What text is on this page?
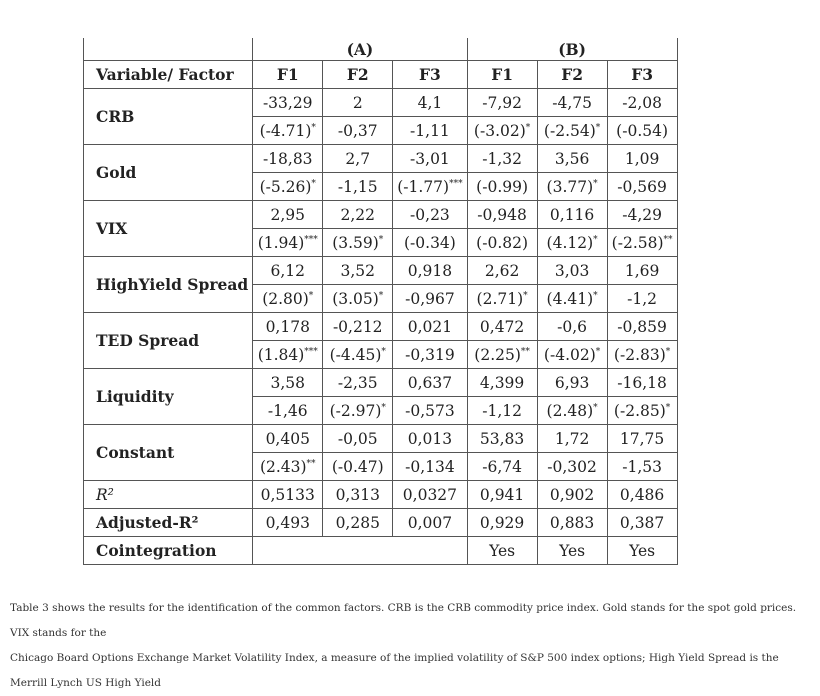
	(A)			(B)		
Variable/ Factor	F1	F2	F3	F1	F2	F3
CRB	-33,29	2	4,1	-7,92	-4,75	-2,08
	(-4.71)*	-0,37	-1,11	(-3.02)*	(-2.54)*	(-0.54)
Gold	-18,83	2,7	-3,01	-1,32	3,56	1,09
	(-5.26)*	-1,15	(-1.77)***	(-0.99)	(3.77)*	-0,569
VIX	2,95	2,22	-0,23	-0,948	0,116	-4,29
	(1.94)***	(3.59)*	(-0.34)	(-0.82)	(4.12)*	(-2.58)**
HighYield Spread	6,12	3,52	0,918	2,62	3,03	1,69
	(2.80)*	(3.05)*	-0,967	(2.71)*	(4.41)*	-1,2
TED Spread	0,178	-0,212	0,021	0,472	-0,6	-0,859
	(1.84)***	(-4.45)*	-0,319	(2.25)**	(-4.02)*	(-2.83)*
Liquidity	3,58	-2,35	0,637	4,399	6,93	-16,18
	-1,46	(-2.97)*	-0,573	-1,12	(2.48)*	(-2.85)*
Constant	0,405	-0,05	0,013	53,83	1,72	17,75
	(2.43)**	(-0.47)	-0,134	-6,74	-0,302	-1,53
R²	0,5133	0,313	0,0327	0,941	0,902	0,486
Adjusted-R²	0,493	0,285	0,007	0,929	0,883	0,387
Cointegration				Yes	Yes	Yes
Table 3 shows the results for the identification of the common factors. CRB is the CRB commodity price index. Gold stands for the spot gold prices. VIX stands for the
Chicago Board Options Exchange Market Volatility Index, a measure of the implied volatility of S&P 500 index options; High Yield Spread is the Merrill Lynch US High Yield
